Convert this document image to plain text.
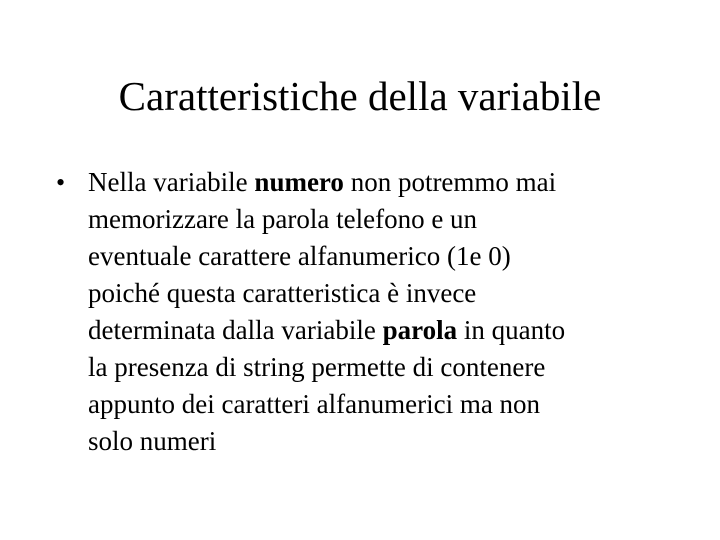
Caratteristiche della variabile
• Nella variabile numero non potremmo mai
memorizzare la parola telefono e un
eventuale carattere alfanumerico (1e 0)
poiché questa caratteristica è invece
determinata dalla variabile parola in quanto
la presenza di string permette di contenere
appunto dei caratteri alfanumerici ma non
solo numeri
